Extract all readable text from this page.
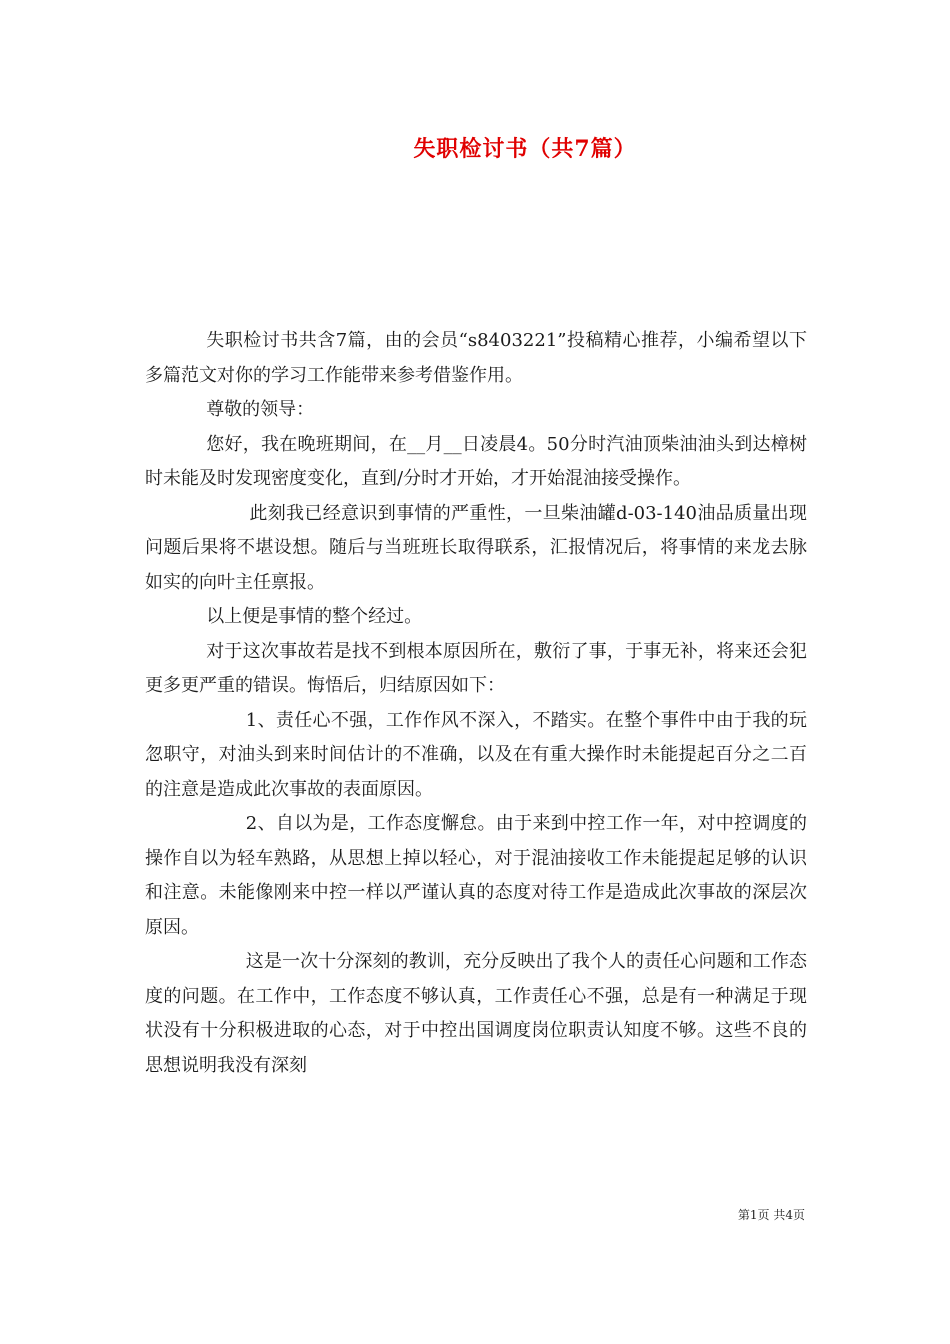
失职检讨书（共7篇）

失职检讨书共含7篇，由的会员“s8403221”投稿精心推荐，小编希望以下多篇范文对你的学习工作能带来参考借鉴作用。

尊敬的领导：

您好，我在晚班期间，在__月__日凌晨4。50分时汽油顶柴油油头到达樟树时未能及时发现密度变化，直到/分时才开始，才开始混油接受操作。

此刻我已经意识到事情的严重性，一旦柴油罐d-03-140油品质量出现问题后果将不堪设想。随后与当班班长取得联系，汇报情况后，将事情的来龙去脉如实的向叶主任禀报。

以上便是事情的整个经过。

对于这次事故若是找不到根本原因所在，敷衍了事，于事无补，将来还会犯更多更严重的错误。悔悟后，归结原因如下：

1、责任心不强，工作作风不深入，不踏实。在整个事件中由于我的玩忽职守，对油头到来时间估计的不准确，以及在有重大操作时未能提起百分之二百的注意是造成此次事故的表面原因。

2、自以为是，工作态度懈怠。由于来到中控工作一年，对中控调度的操作自以为轻车熟路，从思想上掉以轻心，对于混油接收工作未能提起足够的认识和注意。未能像刚来中控一样以严谨认真的态度对待工作是造成此次事故的深层次原因。

这是一次十分深刻的教训，充分反映出了我个人的责任心问题和工作态度的问题。在工作中，工作态度不够认真，工作责任心不强，总是有一种满足于现状没有十分积极进取的心态，对于中控出国调度岗位职责认知度不够。这些不良的思想说明我没有深刻

第1页 共4页
